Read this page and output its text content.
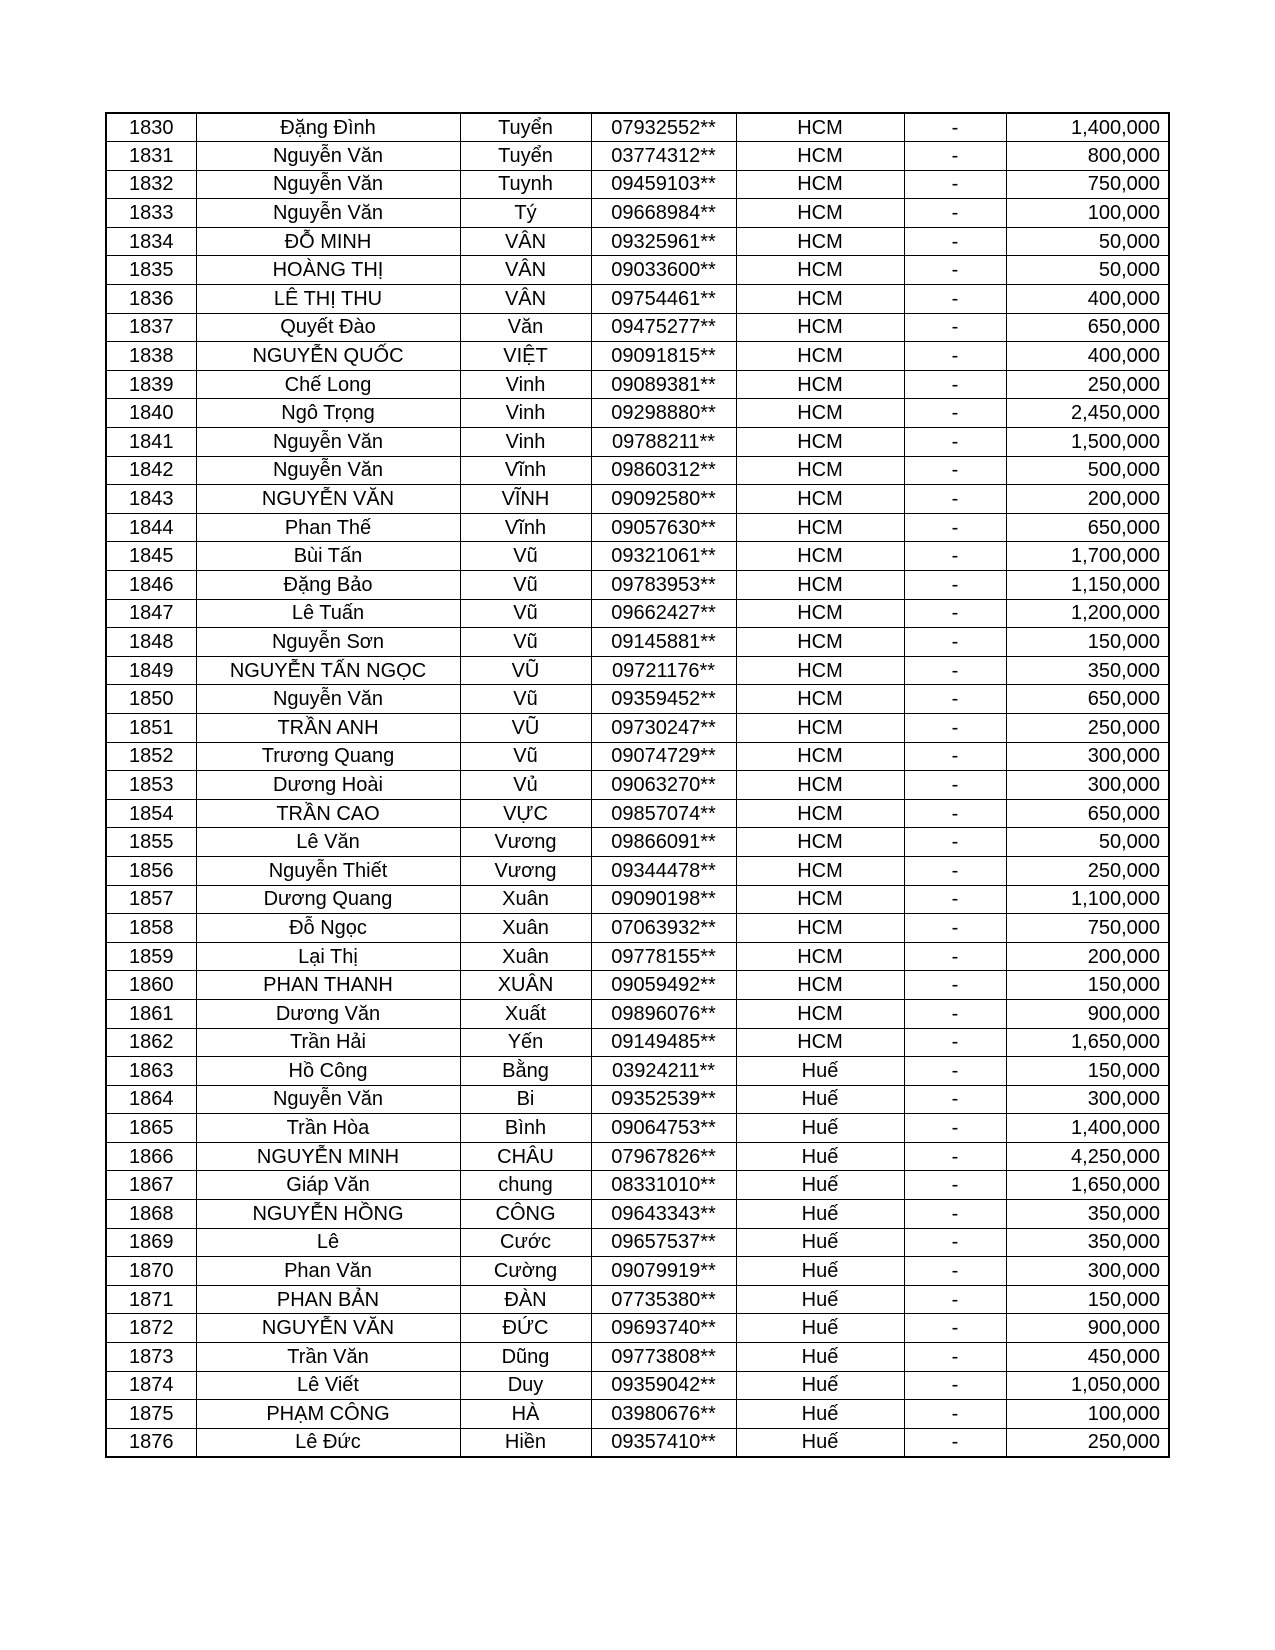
1830	Đặng Đình	Tuyển	07932552**	HCM	-	1,400,000
1831	Nguyễn Văn	Tuyển	03774312**	HCM	-	800,000
1832	Nguyễn Văn	Tuynh	09459103**	HCM	-	750,000
1833	Nguyễn Văn	Tý	09668984**	HCM	-	100,000
1834	ĐỖ MINH	VÂN	09325961**	HCM	-	50,000
1835	HOÀNG THỊ	VÂN	09033600**	HCM	-	50,000
1836	LÊ THỊ THU	VÂN	09754461**	HCM	-	400,000
1837	Quyết Đào	Văn	09475277**	HCM	-	650,000
1838	NGUYỄN QUỐC	VIỆT	09091815**	HCM	-	400,000
1839	Chế Long	Vinh	09089381**	HCM	-	250,000
1840	Ngô Trọng	Vinh	09298880**	HCM	-	2,450,000
1841	Nguyễn Văn	Vinh	09788211**	HCM	-	1,500,000
1842	Nguyễn Văn	Vĩnh	09860312**	HCM	-	500,000
1843	NGUYỄN VĂN	VĨNH	09092580**	HCM	-	200,000
1844	Phan Thế	Vĩnh	09057630**	HCM	-	650,000
1845	Bùi Tấn	Vũ	09321061**	HCM	-	1,700,000
1846	Đặng Bảo	Vũ	09783953**	HCM	-	1,150,000
1847	Lê Tuấn	Vũ	09662427**	HCM	-	1,200,000
1848	Nguyễn Sơn	Vũ	09145881**	HCM	-	150,000
1849	NGUYỄN TẤN NGỌC	VŨ	09721176**	HCM	-	350,000
1850	Nguyễn Văn	Vũ	09359452**	HCM	-	650,000
1851	TRẦN ANH	VŨ	09730247**	HCM	-	250,000
1852	Trương Quang	Vũ	09074729**	HCM	-	300,000
1853	Dương Hoài	Vủ	09063270**	HCM	-	300,000
1854	TRẦN CAO	VỰC	09857074**	HCM	-	650,000
1855	Lê Văn	Vương	09866091**	HCM	-	50,000
1856	Nguyễn Thiết	Vương	09344478**	HCM	-	250,000
1857	Dương Quang	Xuân	09090198**	HCM	-	1,100,000
1858	Đỗ Ngọc	Xuân	07063932**	HCM	-	750,000
1859	Lại Thị	Xuân	09778155**	HCM	-	200,000
1860	PHAN THANH	XUÂN	09059492**	HCM	-	150,000
1861	Dương Văn	Xuất	09896076**	HCM	-	900,000
1862	Trần Hải	Yến	09149485**	HCM	-	1,650,000
1863	Hồ Công	Bằng	03924211**	Huế	-	150,000
1864	Nguyễn Văn	Bi	09352539**	Huế	-	300,000
1865	Trần Hòa	Bình	09064753**	Huế	-	1,400,000
1866	NGUYỄN MINH	CHÂU	07967826**	Huế	-	4,250,000
1867	Giáp Văn	chung	08331010**	Huế	-	1,650,000
1868	NGUYỄN HỒNG	CÔNG	09643343**	Huế	-	350,000
1869	Lê	Cước	09657537**	Huế	-	350,000
1870	Phan Văn	Cường	09079919**	Huế	-	300,000
1871	PHAN BẢN	ĐÀN	07735380**	Huế	-	150,000
1872	NGUYỄN VĂN	ĐỨC	09693740**	Huế	-	900,000
1873	Trần Văn	Dũng	09773808**	Huế	-	450,000
1874	Lê Viết	Duy	09359042**	Huế	-	1,050,000
1875	PHẠM CÔNG	HÀ	03980676**	Huế	-	100,000
1876	Lê Đức	Hiền	09357410**	Huế	-	250,000
